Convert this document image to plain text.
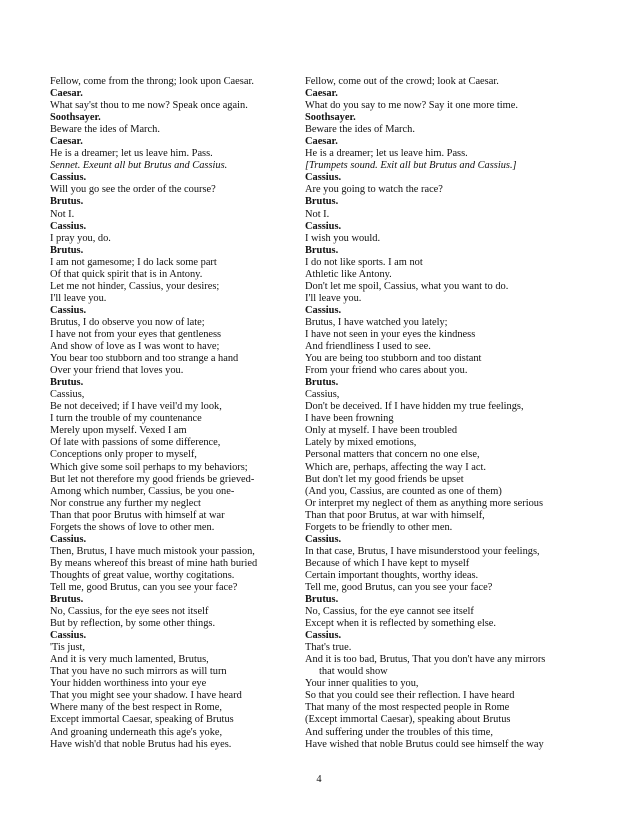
Fellow, come from the throng; look upon Caesar.
Caesar.
What say'st thou to me now? Speak once again.
Soothsayer.
Beware the ides of March.
Caesar.
He is a dreamer; let us leave him. Pass.
Sennet. Exeunt all but Brutus and Cassius.
Cassius.
Will you go see the order of the course?
Brutus.
Not I.
Cassius.
I pray you, do.
Brutus.
I am not gamesome; I do lack some part
Of that quick spirit that is in Antony.
Let me not hinder, Cassius, your desires;
I'll leave you.
Cassius.
Brutus, I do observe you now of late;
I have not from your eyes that gentleness
And show of love as I was wont to have;
You bear too stubborn and too strange a hand
Over your friend that loves you.
Brutus.
Cassius,
Be not deceived; if I have veil'd my look,
I turn the trouble of my countenance
Merely upon myself. Vexed I am
Of late with passions of some difference,
Conceptions only proper to myself,
Which give some soil perhaps to my behaviors;
But let not therefore my good friends be grieved-
Among which number, Cassius, be you one-
Nor construe any further my neglect
Than that poor Brutus with himself at war
Forgets the shows of love to other men.
Cassius.
Then, Brutus, I have much mistook your passion,
By means whereof this breast of mine hath buried
Thoughts of great value, worthy cogitations.
Tell me, good Brutus, can you see your face?
Brutus.
No, Cassius, for the eye sees not itself
But by reflection, by some other things.
Cassius.
'Tis just,
And it is very much lamented, Brutus,
That you have no such mirrors as will turn
Your hidden worthiness into your eye
That you might see your shadow. I have heard
Where many of the best respect in Rome,
Except immortal Caesar, speaking of Brutus
And groaning underneath this age's yoke,
Have wish'd that noble Brutus had his eyes.
Fellow, come out of the crowd; look at Caesar.
Caesar.
What do you say to me now? Say it one more time.
Soothsayer.
Beware the ides of March.
Caesar.
He is a dreamer; let us leave him. Pass.
[Trumpets sound. Exit all but Brutus and Cassius.]
Cassius.
Are you going to watch the race?
Brutus.
Not I.
Cassius.
I wish you would.
Brutus.
I do not like sports. I am not
Athletic like Antony.
Don't let me spoil, Cassius, what you want to do.
I'll leave you.
Cassius.
Brutus, I have watched you lately;
I have not seen in your eyes the kindness
And friendliness I used to see.
You are being too stubborn and too distant
From your friend who cares about you.
Brutus.
Cassius,
Don't be deceived. If I have hidden my true feelings,
I have been frowning
Only at myself. I have been troubled
Lately by mixed emotions,
Personal matters that concern no one else,
Which are, perhaps, affecting the way I act.
But don't let my good friends be upset
(And you, Cassius, are counted as one of them)
Or interpret my neglect of them as anything more serious
Than that poor Brutus, at war with himself,
Forgets to be friendly to other men.
Cassius.
In that case, Brutus, I have misunderstood your feelings,
Because of which I have kept to myself
Certain important thoughts, worthy ideas.
Tell me, good Brutus, can you see your face?
Brutus.
No, Cassius, for the eye cannot see itself
Except when it is reflected by something else.
Cassius.
That's true.
And it is too bad, Brutus, That you don't have any mirrors
that would show
Your inner qualities to you,
So that you could see their reflection. I have heard
That many of the most respected people in Rome
(Except immortal Caesar), speaking about Brutus
And suffering under the troubles of this time,
Have wished that noble Brutus could see himself the way
4
